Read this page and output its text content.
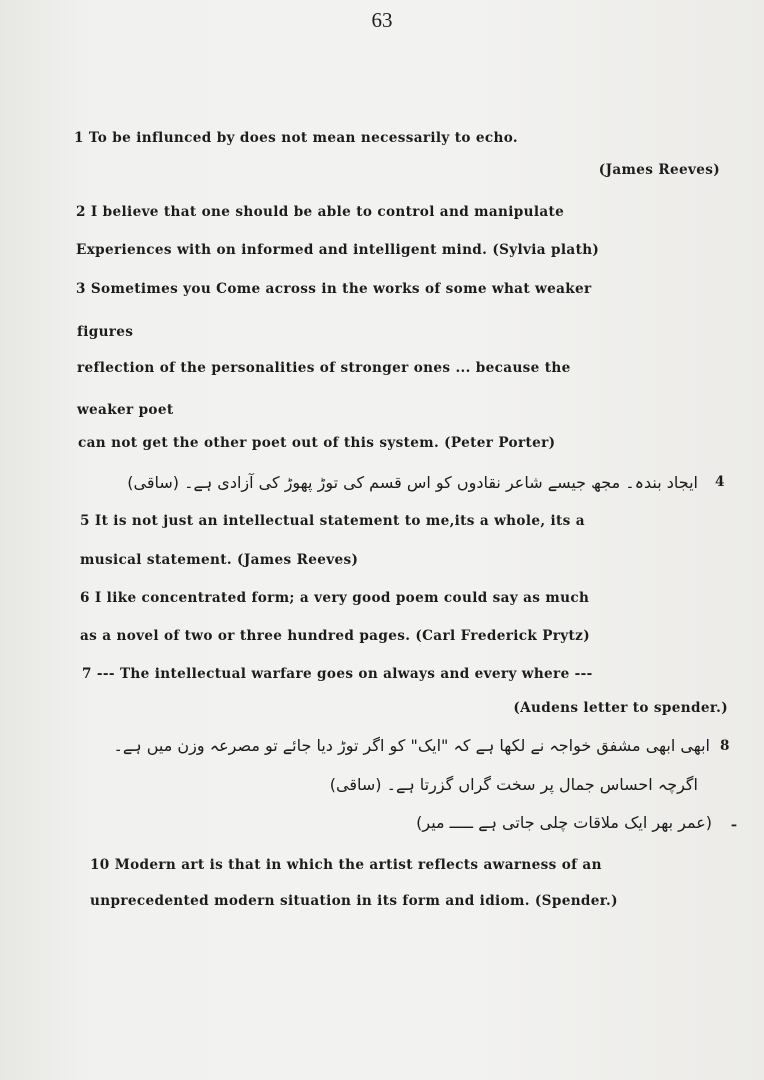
63
1 To be influnced by does not mean necessarily to echo.
(James Reeves)
2 I believe that one should be able to control and manipulate
Experiences with on informed and intelligent mind. (Sylvia plath)
3 Sometimes you Come across in the works of some what weaker
figures
reflection of the personalities of stronger ones ... because the
weaker poet
can not get the other poet out of this system. (Peter Porter)
ایجاد بندہ۔ مجھ جیسے شاعر نقادوں کو اس قسم کی توڑ پھوڑ کی آزادی ہے۔ (ساقی) 4
5 It is not just an intellectual statement to me,its a whole, its a
musical statement. (James Reeves)
6 I like concentrated form; a very good poem could say as much
as a novel of two or three hundred pages. (Carl Frederick Prytz)
7 --- The intellectual warfare goes on always and every where ---
(Audens letter to spender.)
8
ابھی ابھی مشفق خواجہ نے لکھا ہے کہ "ایک" کو اگر توڑ دیا جائے تو مصرعہ وزن میں ہے۔
اگرچہ احساس جمال پر سخت گراں گزرتا ہے۔ (ساقی)
ـ
(عمر بھر ایک ملاقات چلی جاتی ہے ـــــ میر)
10 Modern art is that in which the artist reflects awarness of an
unprecedented modern situation in its form and idiom. (Spender.)
